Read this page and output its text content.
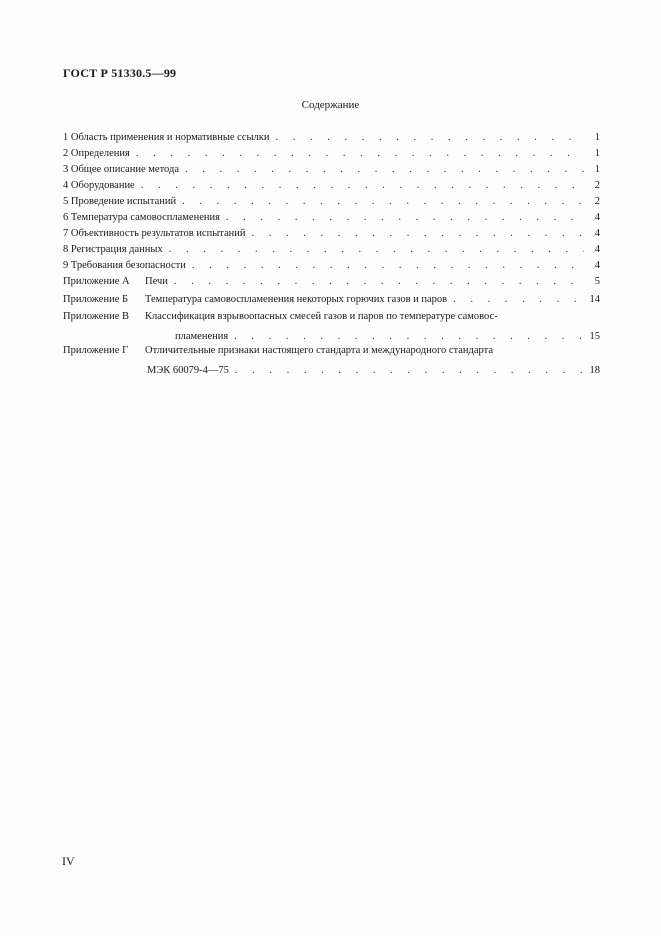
ГОСТ Р 51330.5—99
Содержание
1 Область применения и нормативные ссылки . . .	1
2 Определения . . .	1
3 Общее описание метода . . .	1
4 Оборудование . . .	2
5 Проведение испытаний . . .	2
6 Температура самовоспламенения . . .	4
7 Объективность результатов испытаний . . .	4
8 Регистрация данных . . .	4
9 Требования безопасности . . .	4
Приложение А	Печи . . .	5
Приложение Б	Температура самовоспламенения некоторых горючих газов и паров . . .	14
Приложение В	Классификация взрывоопасных смесей газов и паров по температуре самовос-
пламенения . . .	15
Приложение Г	Отличительные признаки настоящего стандарта и международного стандарта
МЭК 60079-4—75 . . .	18
IV
